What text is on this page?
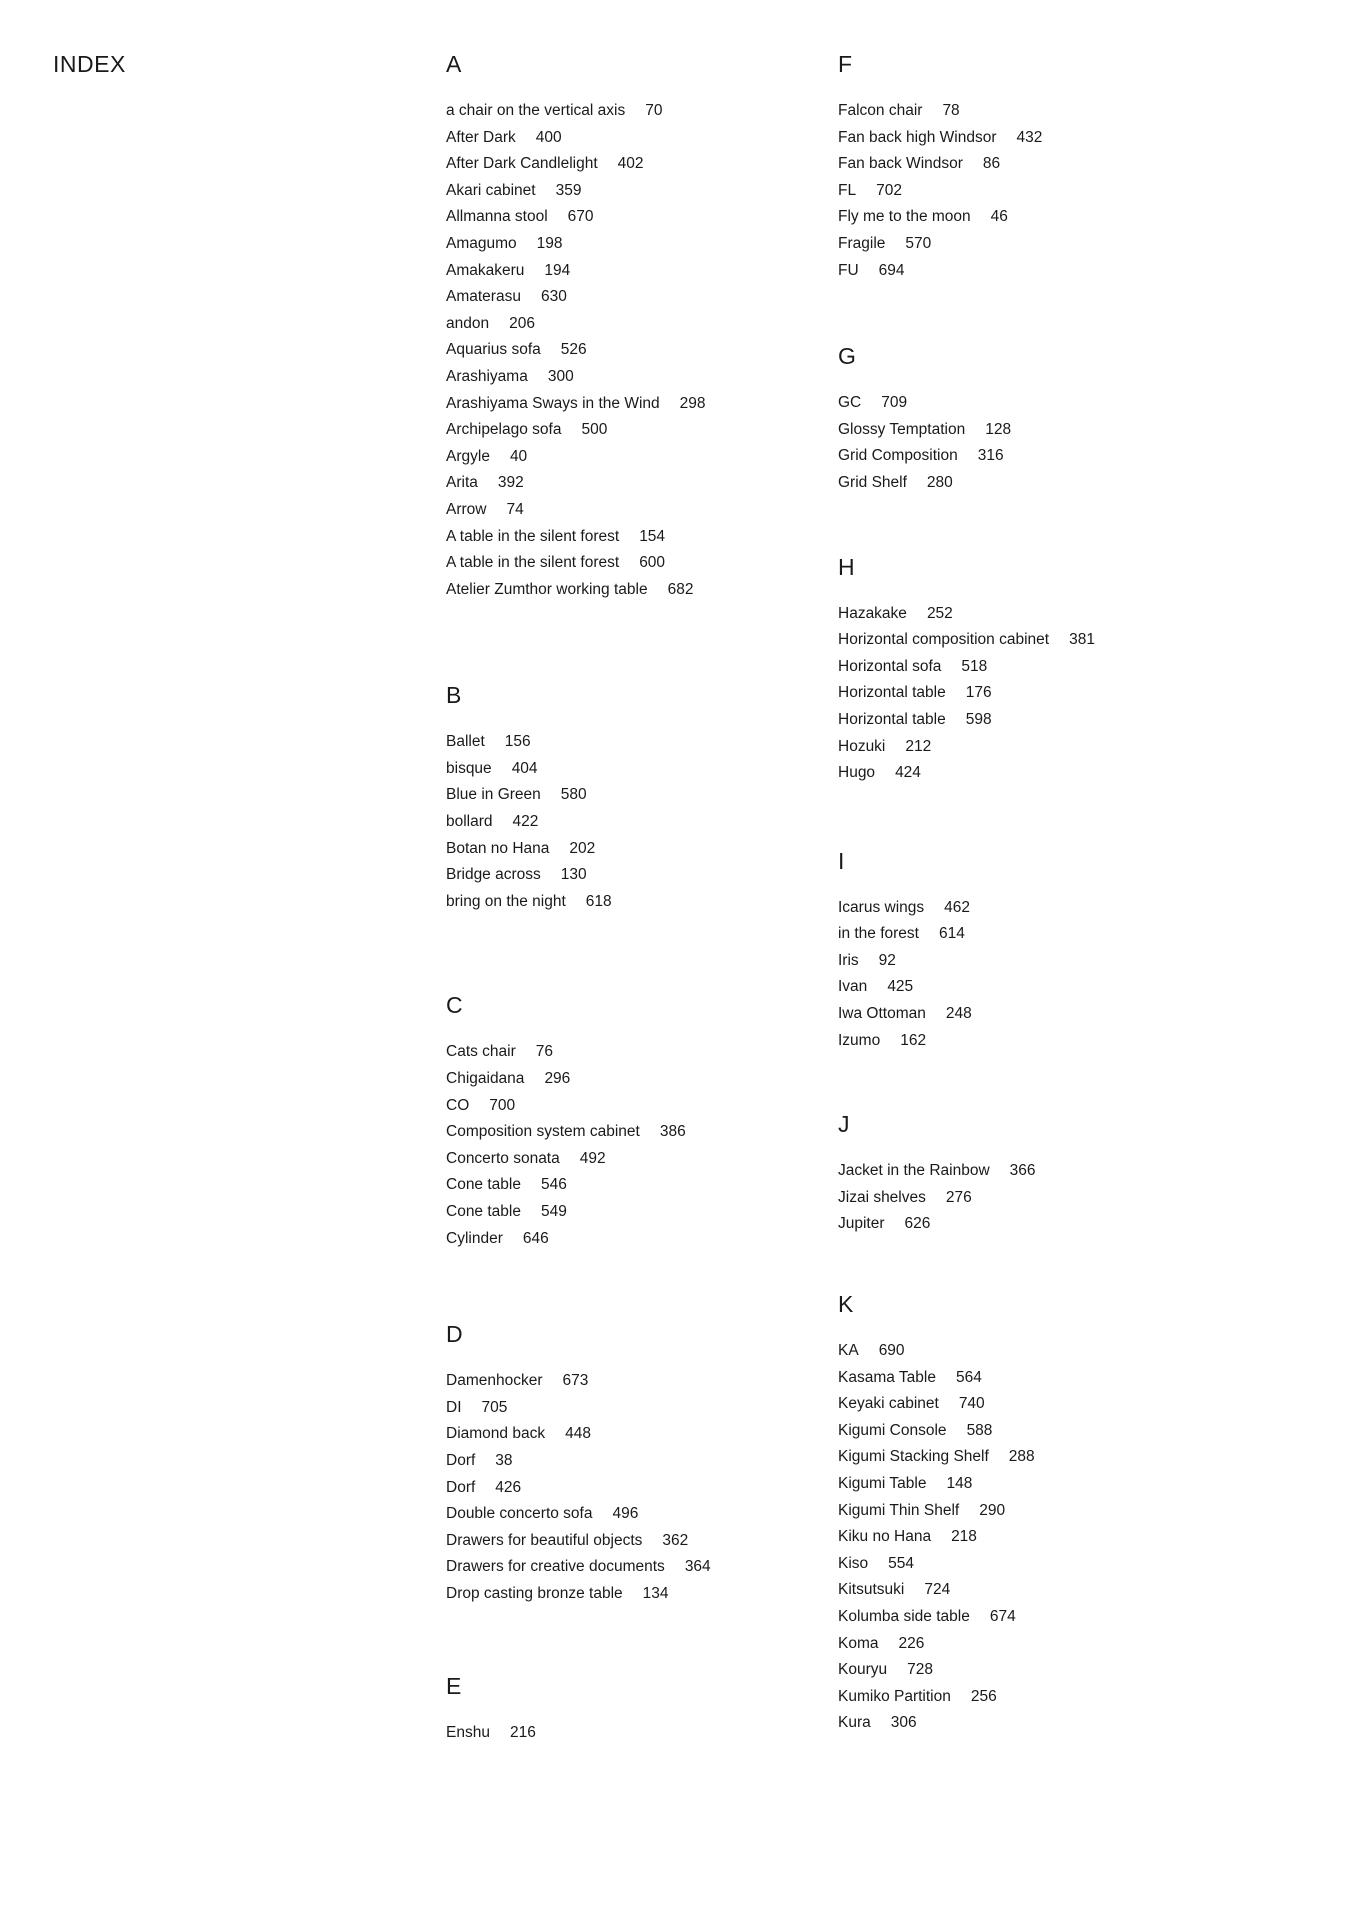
INDEX	A
a chair on the vertical axis 70
After Dark 400
After Dark Candlelight 402
Akari cabinet 359
Allmanna stool 670
Amagumo 198
Amakakeru 194
Amaterasu 630
andon 206
Aquarius sofa 526
Arashiyama 300
Arashiyama Sways in the Wind 298
Archipelago sofa 500
Argyle 40
Arita 392
Arrow 74
A table in the silent forest 154
A table in the silent forest 600
Atelier Zumthor working table 682
B
Ballet 156
bisque 404
Blue in Green 580
bollard 422
Botan no Hana 202
Bridge across 130
bring on the night 618
C
Cats chair 76
Chigaidana 296
CO 700
Composition system cabinet 386
Concerto sonata 492
Cone table 546
Cone table 549
Cylinder 646
D
Damenhocker 673
DI 705
Diamond back 448
Dorf 38
Dorf 426
Double concerto sofa 496
Drawers for beautiful objects 362
Drawers for creative documents 364
Drop casting bronze table 134
E
Enshu 216
F
Falcon chair 78
Fan back high Windsor 432
Fan back Windsor 86
FL 702
Fly me to the moon 46
Fragile 570
FU 694
G
GC 709
Glossy Temptation 128
Grid Composition 316
Grid Shelf 280
H
Hazakake 252
Horizontal composition cabinet 381
Horizontal sofa 518
Horizontal table 176
Horizontal table 598
Hozuki 212
Hugo 424
I
Icarus wings 462
in the forest 614
Iris 92
Ivan 425
Iwa Ottoman 248
Izumo 162
J
Jacket in the Rainbow 366
Jizai shelves 276
Jupiter 626
K
KA 690
Kasama Table 564
Keyaki cabinet 740
Kigumi Console 588
Kigumi Stacking Shelf 288
Kigumi Table 148
Kigumi Thin Shelf 290
Kiku no Hana 218
Kiso 554
Kitsutsuki 724
Kolumba side table 674
Koma 226
Kouryu 728
Kumiko Partition 256
Kura 306
